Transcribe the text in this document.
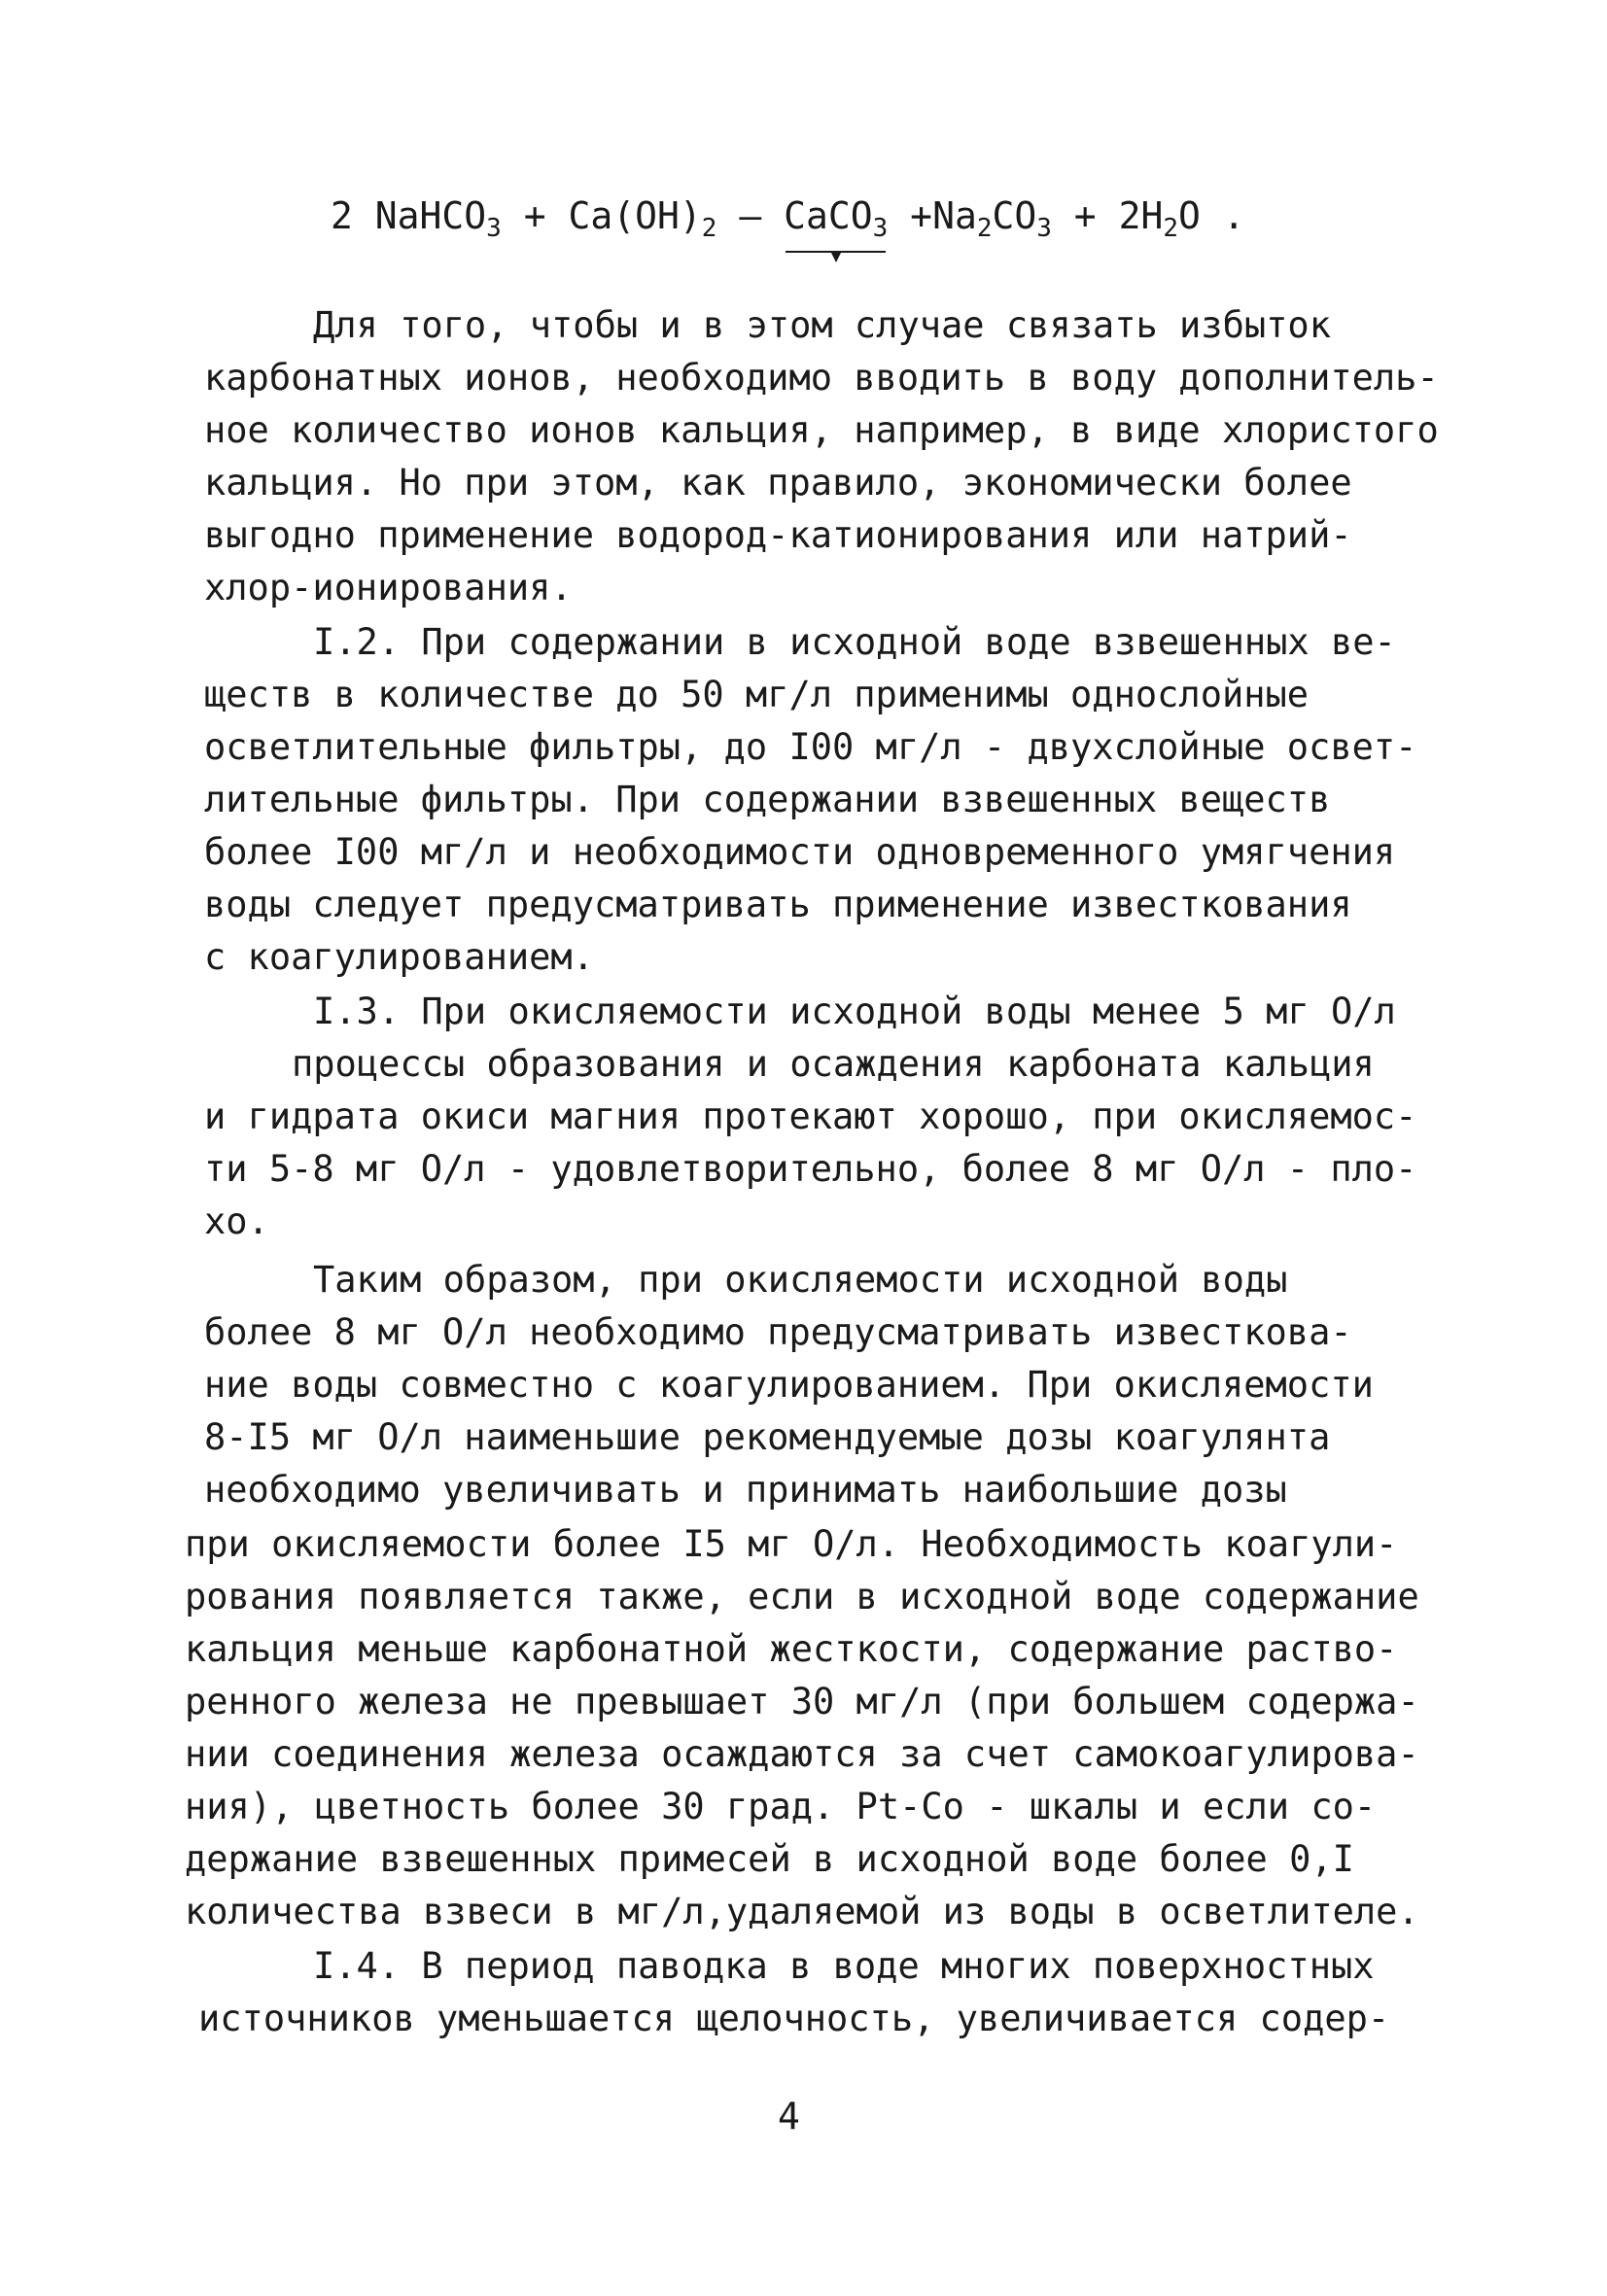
2 NaHCO$_3$ + $Ca(OH)_2$ — CaCO$_3$ $+Na_2CO_3 + 2H_2O$ .

Для того, чтобы и в этом случае связать избыток

карбонатных ионов, необходимо вводить в воду дополнитель-

ное количество ионов кальция, например, в виде хлористого

кальция. Но при этом, как правило, экономически более

выгодно применение водород-катионирования или натрий-

хлор-ионирования.

I.2. При содержании в исходной воде взвешенных ве-

ществ в количестве до 50 мг/л применимы однослойные

осветлительные фильтры, до I00 мг/л - двухслойные освет-

лительные фильтры. При содержании взвешенных веществ

более I00 мг/л и необходимости одновременного умягчения

воды следует предусматривать применение известкования

с коагулированием.

I.3. При окисляемости исходной воды менее 5 мг О/л

процессы образования и осаждения карбоната кальция

и гидрата окиси магния протекают хорошо, при окисляемос-

ти 5-8 мг О/л - удовлетворительно, более 8 мг О/л - пло-

хо.

Таким образом, при окисляемости исходной воды

более 8 мг О/л необходимо предусматривать известкова-

ние воды совместно с коагулированием. При окисляемости

8-I5 мг О/л наименьшие рекомендуемые дозы коагулянта

необходимо увеличивать и принимать наибольшие дозы

при окисляемости более I5 мг О/л. Необходимость коагули-

рования появляется также, если в исходной воде содержание

кальция меньше карбонатной жесткости, содержание раство-

ренного железа не превышает 30 мг/л (при большем содержа-

нии соединения железа осаждаются за счет самокоагулирова-

ния), цветность более 30 град. Pt-Co - шкалы и если со-

держание взвешенных примесей в исходной воде более 0,I

количества взвеси в мг/л,удаляемой из воды в осветлителе.

I.4. В период паводка в воде многих поверхностных

источников уменьшается щелочность, увеличивается содер-

4
